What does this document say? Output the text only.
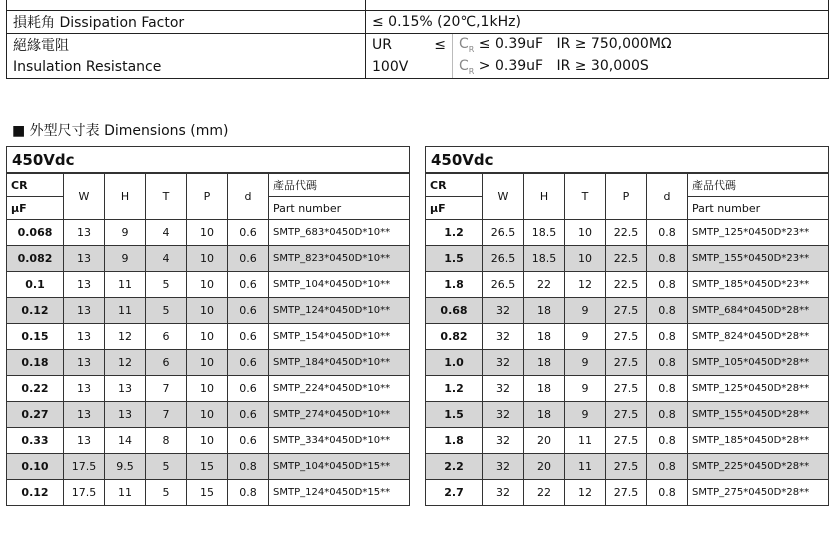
損耗角 Dissipation Factor	≤ 0.15% (20℃,1kHz)
絕緣電阻	UR ≤ $C_R \le 0.39uF$ IR ≥ 750,000MΩ

Insulation Resistance	100V $C_R > 0.39uF$ IR ≥ 30,000S
■ 外型尺寸表 Dimensions (mm)
450Vdc						
CR	W	H	T	P	d	產品代碼
μF						Part number
0.068	13	9	4	10	0.6	SMTP_683*0450D*10**
0.082	13	9	4	10	0.6	SMTP_823*0450D*10**
0.1	13	11	5	10	0.6	SMTP_104*0450D*10**
0.12	13	11	5	10	0.6	SMTP_124*0450D*10**
0.15	13	12	6	10	0.6	SMTP_154*0450D*10**
0.18	13	12	6	10	0.6	SMTP_184*0450D*10**
0.22	13	13	7	10	0.6	SMTP_224*0450D*10**
0.27	13	13	7	10	0.6	SMTP_274*0450D*10**
0.33	13	14	8	10	0.6	SMTP_334*0450D*10**
0.10	17.5	9.5	5	15	0.8	SMTP_104*0450D*15**
0.12	17.5	11	5	15	0.8	SMTP_124*0450D*15**
450Vdc						
CR	W	H	T	P	d	產品代碼
μF						Part number
1.2	26.5	18.5	10	22.5	0.8	SMTP_125*0450D*23**
1.5	26.5	18.5	10	22.5	0.8	SMTP_155*0450D*23**
1.8	26.5	22	12	22.5	0.8	SMTP_185*0450D*23**
0.68	32	18	9	27.5	0.8	SMTP_684*0450D*28**
0.82	32	18	9	27.5	0.8	SMTP_824*0450D*28**
1.0	32	18	9	27.5	0.8	SMTP_105*0450D*28**
1.2	32	18	9	27.5	0.8	SMTP_125*0450D*28**
1.5	32	18	9	27.5	0.8	SMTP_155*0450D*28**
1.8	32	20	11	27.5	0.8	SMTP_185*0450D*28**
2.2	32	20	11	27.5	0.8	SMTP_225*0450D*28**
2.7	32	22	12	27.5	0.8	SMTP_275*0450D*28**
